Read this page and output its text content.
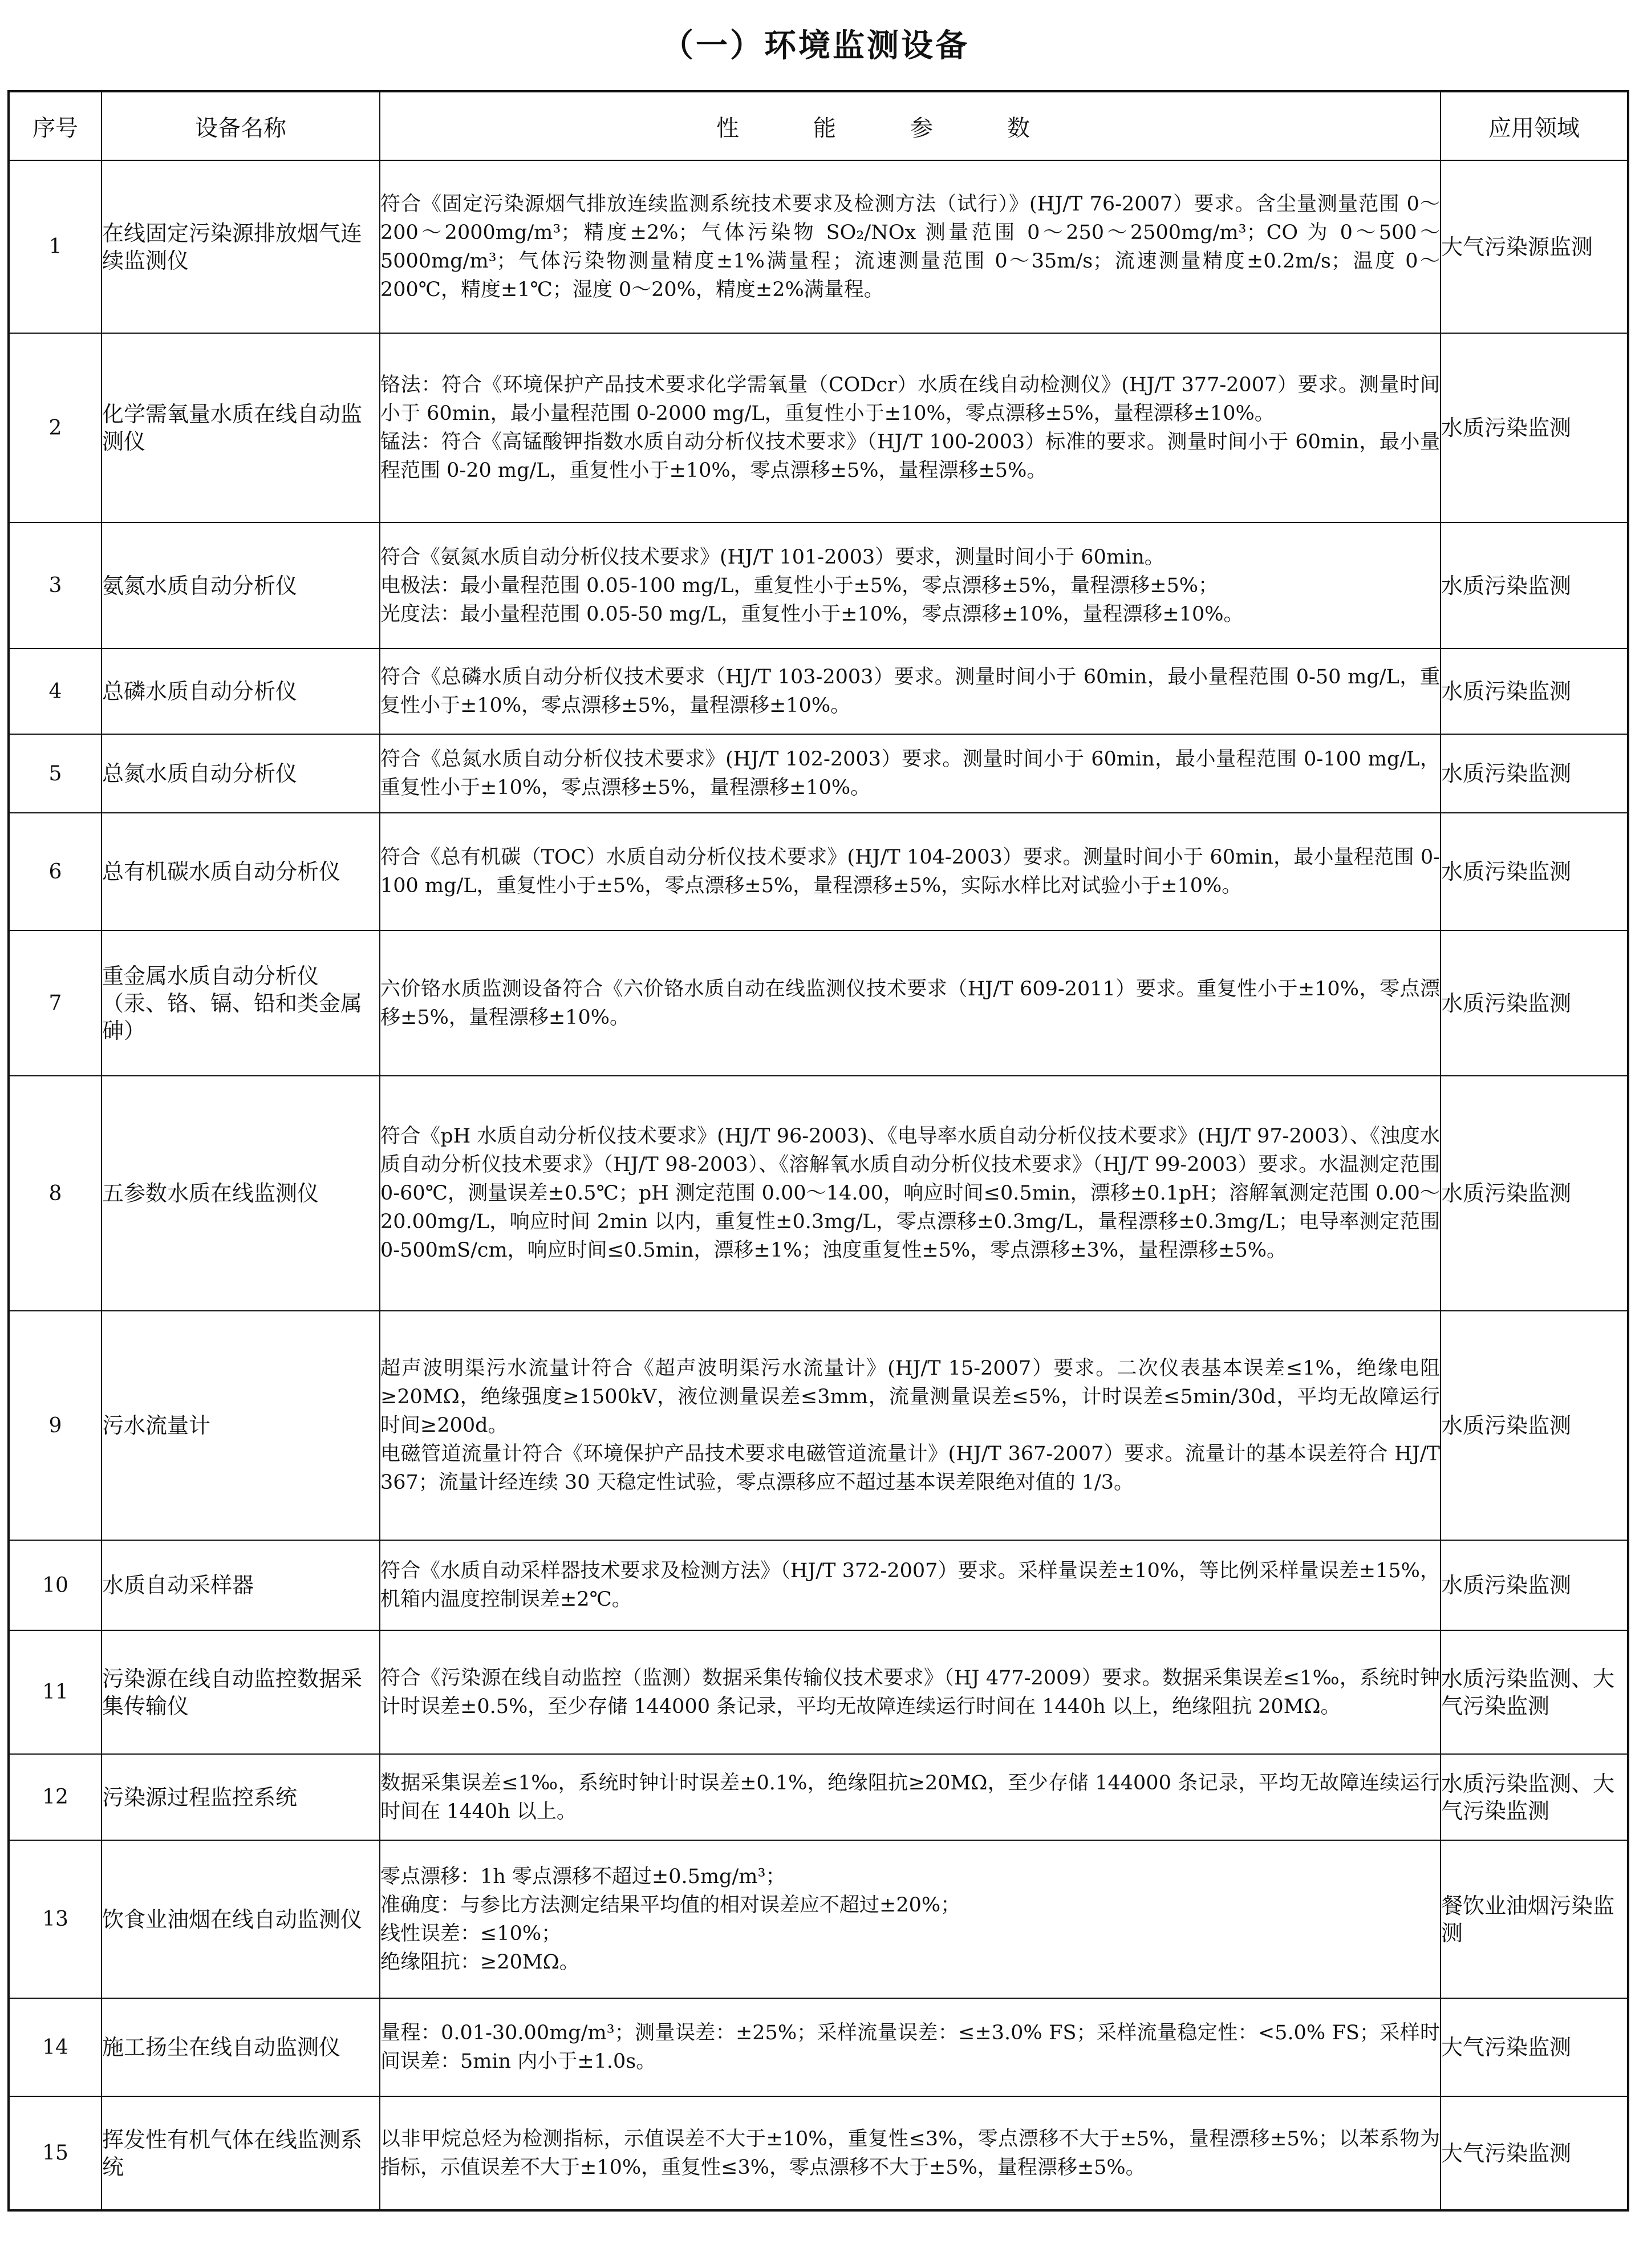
（一）环境监测设备
序号	设备名称	性能参数	应用领域
1	在线固定污染源排放烟气连续监测仪	符合《固定污染源烟气排放连续监测系统技术要求及检测方法（试行）》(HJ/T 76-2007）要求。含尘量测量范围 0～200～2000mg/m³；精度±2%；气体污染物 SO₂/NOx 测量范围 0～250～2500mg/m³；CO 为 0～500～5000mg/m³；气体污染物测量精度±1%满量程；流速测量范围 0～35m/s；流速测量精度±0.2m/s；温度 0～200℃，精度±1℃；湿度 0～20%，精度±2%满量程。	大气污染源监测
2	化学需氧量水质在线自动监测仪	铬法：符合《环境保护产品技术要求化学需氧量（CODcr）水质在线自动检测仪》(HJ/T 377-2007）要求。测量时间小于 60min，最小量程范围 0-2000 mg/L，重复性小于±10%，零点漂移±5%，量程漂移±10%。
锰法：符合《高锰酸钾指数水质自动分析仪技术要求》（HJ/T 100-2003）标准的要求。测量时间小于 60min，最小量程范围 0-20 mg/L，重复性小于±10%，零点漂移±5%，量程漂移±5%。	水质污染监测
3	氨氮水质自动分析仪	符合《氨氮水质自动分析仪技术要求》(HJ/T 101-2003）要求，测量时间小于 60min。
电极法：最小量程范围 0.05-100 mg/L，重复性小于±5%，零点漂移±5%，量程漂移±5%；
光度法：最小量程范围 0.05-50 mg/L，重复性小于±10%，零点漂移±10%，量程漂移±10%。	水质污染监测
4	总磷水质自动分析仪	符合《总磷水质自动分析仪技术要求（HJ/T 103-2003）要求。测量时间小于 60min，最小量程范围 0-50 mg/L，重复性小于±10%，零点漂移±5%，量程漂移±10%。	水质污染监测
5	总氮水质自动分析仪	符合《总氮水质自动分析仪技术要求》(HJ/T 102-2003）要求。测量时间小于 60min，最小量程范围 0-100 mg/L，重复性小于±10%，零点漂移±5%，量程漂移±10%。	水质污染监测
6	总有机碳水质自动分析仪	符合《总有机碳（TOC）水质自动分析仪技术要求》(HJ/T 104-2003）要求。测量时间小于 60min，最小量程范围 0-100 mg/L，重复性小于±5%，零点漂移±5%，量程漂移±5%，实际水样比对试验小于±10%。	水质污染监测
7	重金属水质自动分析仪（汞、铬、镉、铅和类金属砷）	六价铬水质监测设备符合《六价铬水质自动在线监测仪技术要求（HJ/T 609-2011）要求。重复性小于±10%，零点漂移±5%，量程漂移±10%。	水质污染监测
8	五参数水质在线监测仪	符合《pH 水质自动分析仪技术要求》(HJ/T 96-2003)、《电导率水质自动分析仪技术要求》(HJ/T 97-2003）、《浊度水质自动分析仪技术要求》（HJ/T 98-2003）、《溶解氧水质自动分析仪技术要求》（HJ/T 99-2003）要求。水温测定范围 0-60℃，测量误差±0.5℃；pH 测定范围 0.00～14.00，响应时间≤0.5min，漂移±0.1pH；溶解氧测定范围 0.00～20.00mg/L，响应时间 2min 以内，重复性±0.3mg/L，零点漂移±0.3mg/L，量程漂移±0.3mg/L；电导率测定范围 0-500mS/cm，响应时间≤0.5min，漂移±1%；浊度重复性±5%，零点漂移±3%，量程漂移±5%。	水质污染监测
9	污水流量计	超声波明渠污水流量计符合《超声波明渠污水流量计》(HJ/T 15-2007）要求。二次仪表基本误差≤1%，绝缘电阻≥20MΩ，绝缘强度≥1500kV，液位测量误差≤3mm，流量测量误差≤5%，计时误差≤5min/30d，平均无故障运行时间≥200d。
电磁管道流量计符合《环境保护产品技术要求电磁管道流量计》(HJ/T 367-2007）要求。流量计的基本误差符合 HJ/T 367；流量计经连续 30 天稳定性试验，零点漂移应不超过基本误差限绝对值的 1/3。	水质污染监测
10	水质自动采样器	符合《水质自动采样器技术要求及检测方法》（HJ/T 372-2007）要求。采样量误差±10%，等比例采样量误差±15%，机箱内温度控制误差±2℃。	水质污染监测
11	污染源在线自动监控数据采集传输仪	符合《污染源在线自动监控（监测）数据采集传输仪技术要求》（HJ 477-2009）要求。数据采集误差≤1‰，系统时钟计时误差±0.5%，至少存储 144000 条记录，平均无故障连续运行时间在 1440h 以上，绝缘阻抗 20MΩ。	水质污染监测、大气污染监测
12	污染源过程监控系统	数据采集误差≤1‰，系统时钟计时误差±0.1%，绝缘阻抗≥20MΩ，至少存储 144000 条记录，平均无故障连续运行时间在 1440h 以上。	水质污染监测、大气污染监测
13	饮食业油烟在线自动监测仪	零点漂移：1h 零点漂移不超过±0.5mg/m³；
准确度：与参比方法测定结果平均值的相对误差应不超过±20%；
线性误差：≤10%；
绝缘阻抗：≥20MΩ。	餐饮业油烟污染监测
14	施工扬尘在线自动监测仪	量程：0.01-30.00mg/m³；测量误差：±25%；采样流量误差：≤±3.0% FS；采样流量稳定性：<5.0% FS；采样时间误差：5min 内小于±1.0s。	大气污染监测
15	挥发性有机气体在线监测系统	以非甲烷总烃为检测指标，示值误差不大于±10%，重复性≤3%，零点漂移不大于±5%，量程漂移±5%；以苯系物为指标，示值误差不大于±10%，重复性≤3%，零点漂移不大于±5%，量程漂移±5%。	大气污染监测
